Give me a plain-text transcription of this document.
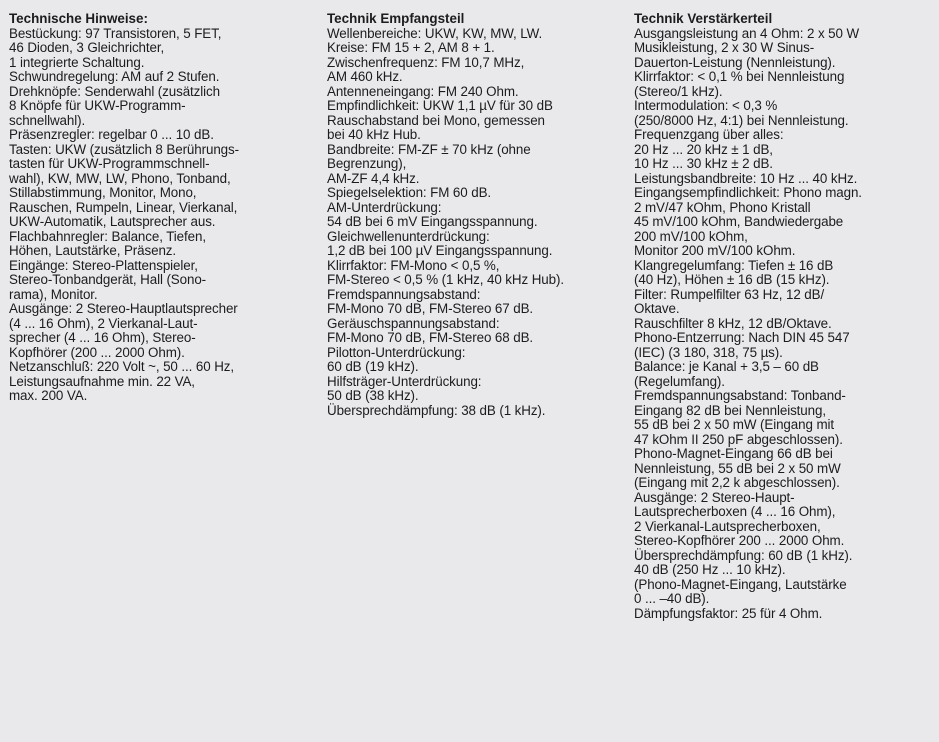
Technische Hinweise:
Bestückung: 97 Transistoren, 5 FET,
46 Dioden, 3 Gleichrichter,
1 integrierte Schaltung.
Schwundregelung: AM auf 2 Stufen.
Drehknöpfe: Senderwahl (zusätzlich
8 Knöpfe für UKW-Programm-
schnellwahl).
Präsenzregler: regelbar 0 ... 10 dB.
Tasten: UKW (zusätzlich 8 Berührungs-
tasten für UKW-Programmschnell-
wahl), KW, MW, LW, Phono, Tonband,
Stillabstimmung, Monitor, Mono,
Rauschen, Rumpeln, Linear, Vierkanal,
UKW-Automatik, Lautsprecher aus.
Flachbahnregler: Balance, Tiefen,
Höhen, Lautstärke, Präsenz.
Eingänge: Stereo-Plattenspieler,
Stereo-Tonbandgerät, Hall (Sono-
rama), Monitor.
Ausgänge: 2 Stereo-Hauptlautsprecher
(4 ... 16 Ohm), 2 Vierkanal-Laut-
sprecher (4 ... 16 Ohm), Stereo-
Kopfhörer (200 ... 2000 Ohm).
Netzanschluß: 220 Volt ~, 50 ... 60 Hz,
Leistungsaufnahme min. 22 VA,
max. 200 VA.
Technik Empfangsteil
Wellenbereiche: UKW, KW, MW, LW.
Kreise: FM 15 + 2, AM 8 + 1.
Zwischenfrequenz: FM 10,7 MHz,
AM 460 kHz.
Antenneneingang: FM 240 Ohm.
Empfindlichkeit: UKW 1,1 µV für 30 dB
Rauschabstand bei Mono, gemessen
bei 40 kHz Hub.
Bandbreite: FM-ZF ± 70 kHz (ohne
Begrenzung),
AM-ZF 4,4 kHz.
Spiegelselektion: FM 60 dB.
AM-Unterdrückung:
54 dB bei 6 mV Eingangsspannung.
Gleichwellenunterdrückung:
1,2 dB bei 100 µV Eingangsspannung.
Klirrfaktor: FM-Mono < 0,5 %,
FM-Stereo < 0,5 % (1 kHz, 40 kHz Hub).
Fremdspannungsabstand:
FM-Mono 70 dB, FM-Stereo 67 dB.
Geräuschspannungsabstand:
FM-Mono 70 dB, FM-Stereo 68 dB.
Pilotton-Unterdrückung:
60 dB (19 kHz).
Hilfsträger-Unterdrückung:
50 dB (38 kHz).
Übersprechdämpfung: 38 dB (1 kHz).
Technik Verstärkerteil
Ausgangsleistung an 4 Ohm: 2 x 50 W
Musikleistung, 2 x 30 W Sinus-
Dauerton-Leistung (Nennleistung).
Klirrfaktor: < 0,1 % bei Nennleistung
(Stereo/1 kHz).
Intermodulation: < 0,3 %
(250/8000 Hz, 4:1) bei Nennleistung.
Frequenzgang über alles:
20 Hz ... 20 kHz ± 1 dB,
10 Hz ... 30 kHz ± 2 dB.
Leistungsbandbreite: 10 Hz ... 40 kHz.
Eingangsempfindlichkeit: Phono magn.
2 mV/47 kOhm, Phono Kristall
45 mV/100 kOhm, Bandwiedergabe
200 mV/100 kOhm,
Monitor 200 mV/100 kOhm.
Klangregelumfang: Tiefen ± 16 dB
(40 Hz), Höhen ± 16 dB (15 kHz).
Filter: Rumpelfilter 63 Hz, 12 dB/
Oktave.
Rauschfilter 8 kHz, 12 dB/Oktave.
Phono-Entzerrung: Nach DIN 45 547
(IEC) (3 180, 318, 75 µs).
Balance: je Kanal + 3,5 – 60 dB
(Regelumfang).
Fremdspannungsabstand: Tonband-
Eingang 82 dB bei Nennleistung,
55 dB bei 2 x 50 mW (Eingang mit
47 kOhm II 250 pF abgeschlossen).
Phono-Magnet-Eingang 66 dB bei
Nennleistung, 55 dB bei 2 x 50 mW
(Eingang mit 2,2 k abgeschlossen).
Ausgänge: 2 Stereo-Haupt-
Lautsprecherboxen (4 ... 16 Ohm),
2 Vierkanal-Lautsprecherboxen,
Stereo-Kopfhörer 200 ... 2000 Ohm.
Übersprechdämpfung: 60 dB (1 kHz).
40 dB (250 Hz ... 10 kHz).
(Phono-Magnet-Eingang, Lautstärke
0 ... –40 dB).
Dämpfungsfaktor: 25 für 4 Ohm.
